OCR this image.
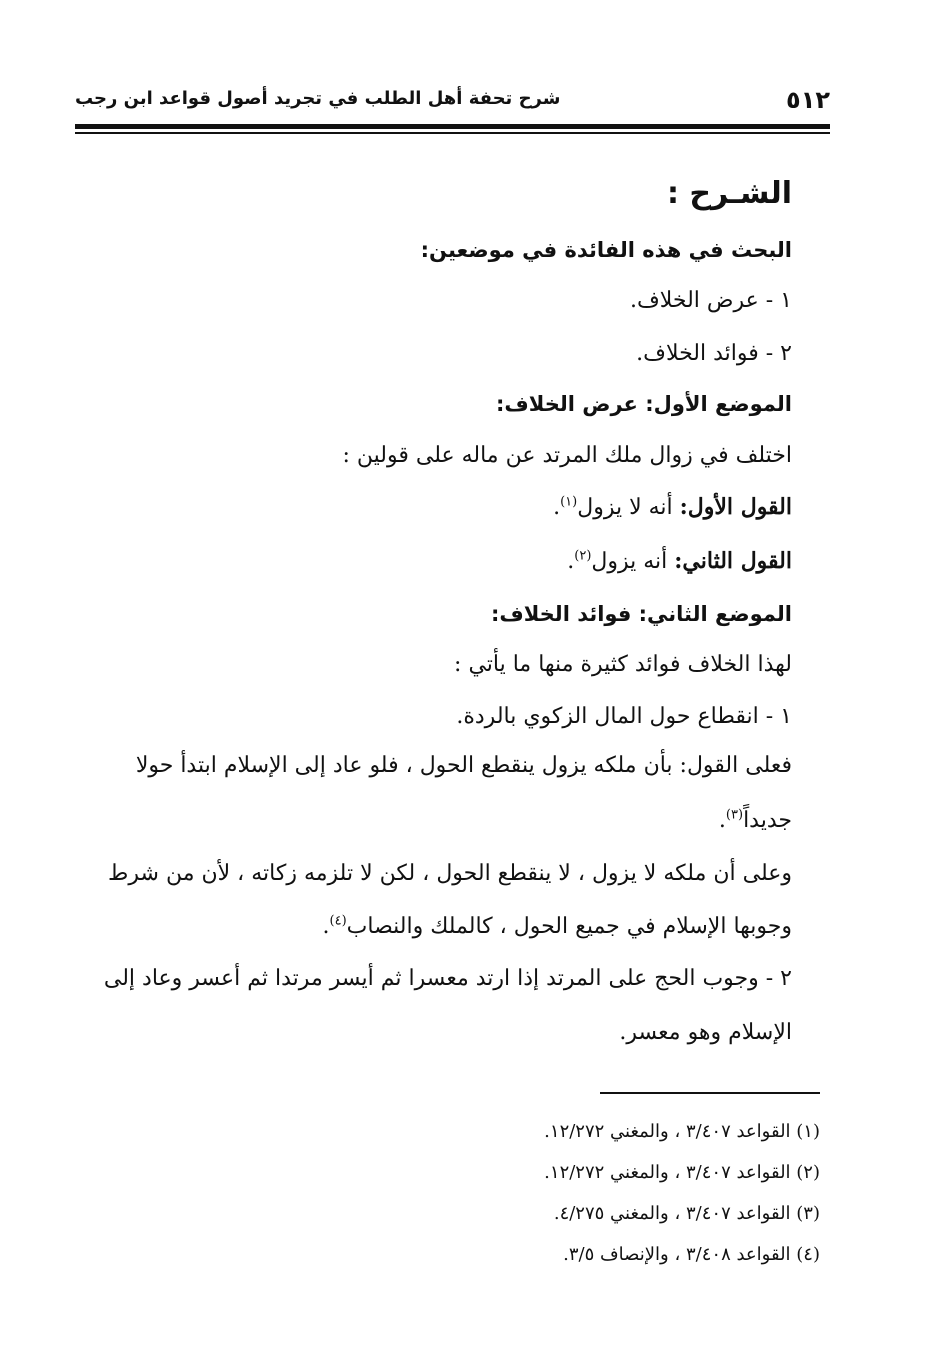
٥١٢
شرح تحفة أهل الطلب في تجريد أصول قواعد ابن رجب

الشـرح :

البحث في هذه الفائدة في موضعين:

١ - عرض الخلاف.

٢ - فوائد الخلاف.

الموضع الأول: عرض الخلاف:

اختلف في زوال ملك المرتد عن ماله على قولين :

القول الأول: أنه لا يزول$^{(١)}$.

القول الثاني: أنه يزول$^{(٢)}$.

الموضع الثاني: فوائد الخلاف:

لهذا الخلاف فوائد كثيرة منها ما يأتي :

١ - انقطاع حول المال الزكوي بالردة.

فعلى القول: بأن ملكه يزول ينقطع الحول ، فلو عاد إلى الإسلام ابتدأ حولا

جديداً$^{(٣)}$.

وعلى أن ملكه لا يزول ، لا ينقطع الحول ، لكن لا تلزمه زكاته ، لأن من شرط

وجوبها الإسلام في جميع الحول ، كالملك والنصاب$^{(٤)}$.

٢ - وجوب الحج على المرتد إذا ارتد معسرا ثم أيسر مرتدا ثم أعسر وعاد إلى

الإسلام وهو معسر.

(١) القواعد ٣/٤٠٧ ، والمغني ١٢/٢٧٢.

(٢) القواعد ٣/٤٠٧ ، والمغني ١٢/٢٧٢.

(٣) القواعد ٣/٤٠٧ ، والمغني ٤/٢٧٥.

(٤) القواعد ٣/٤٠٨ ، والإنصاف ٣/٥.
